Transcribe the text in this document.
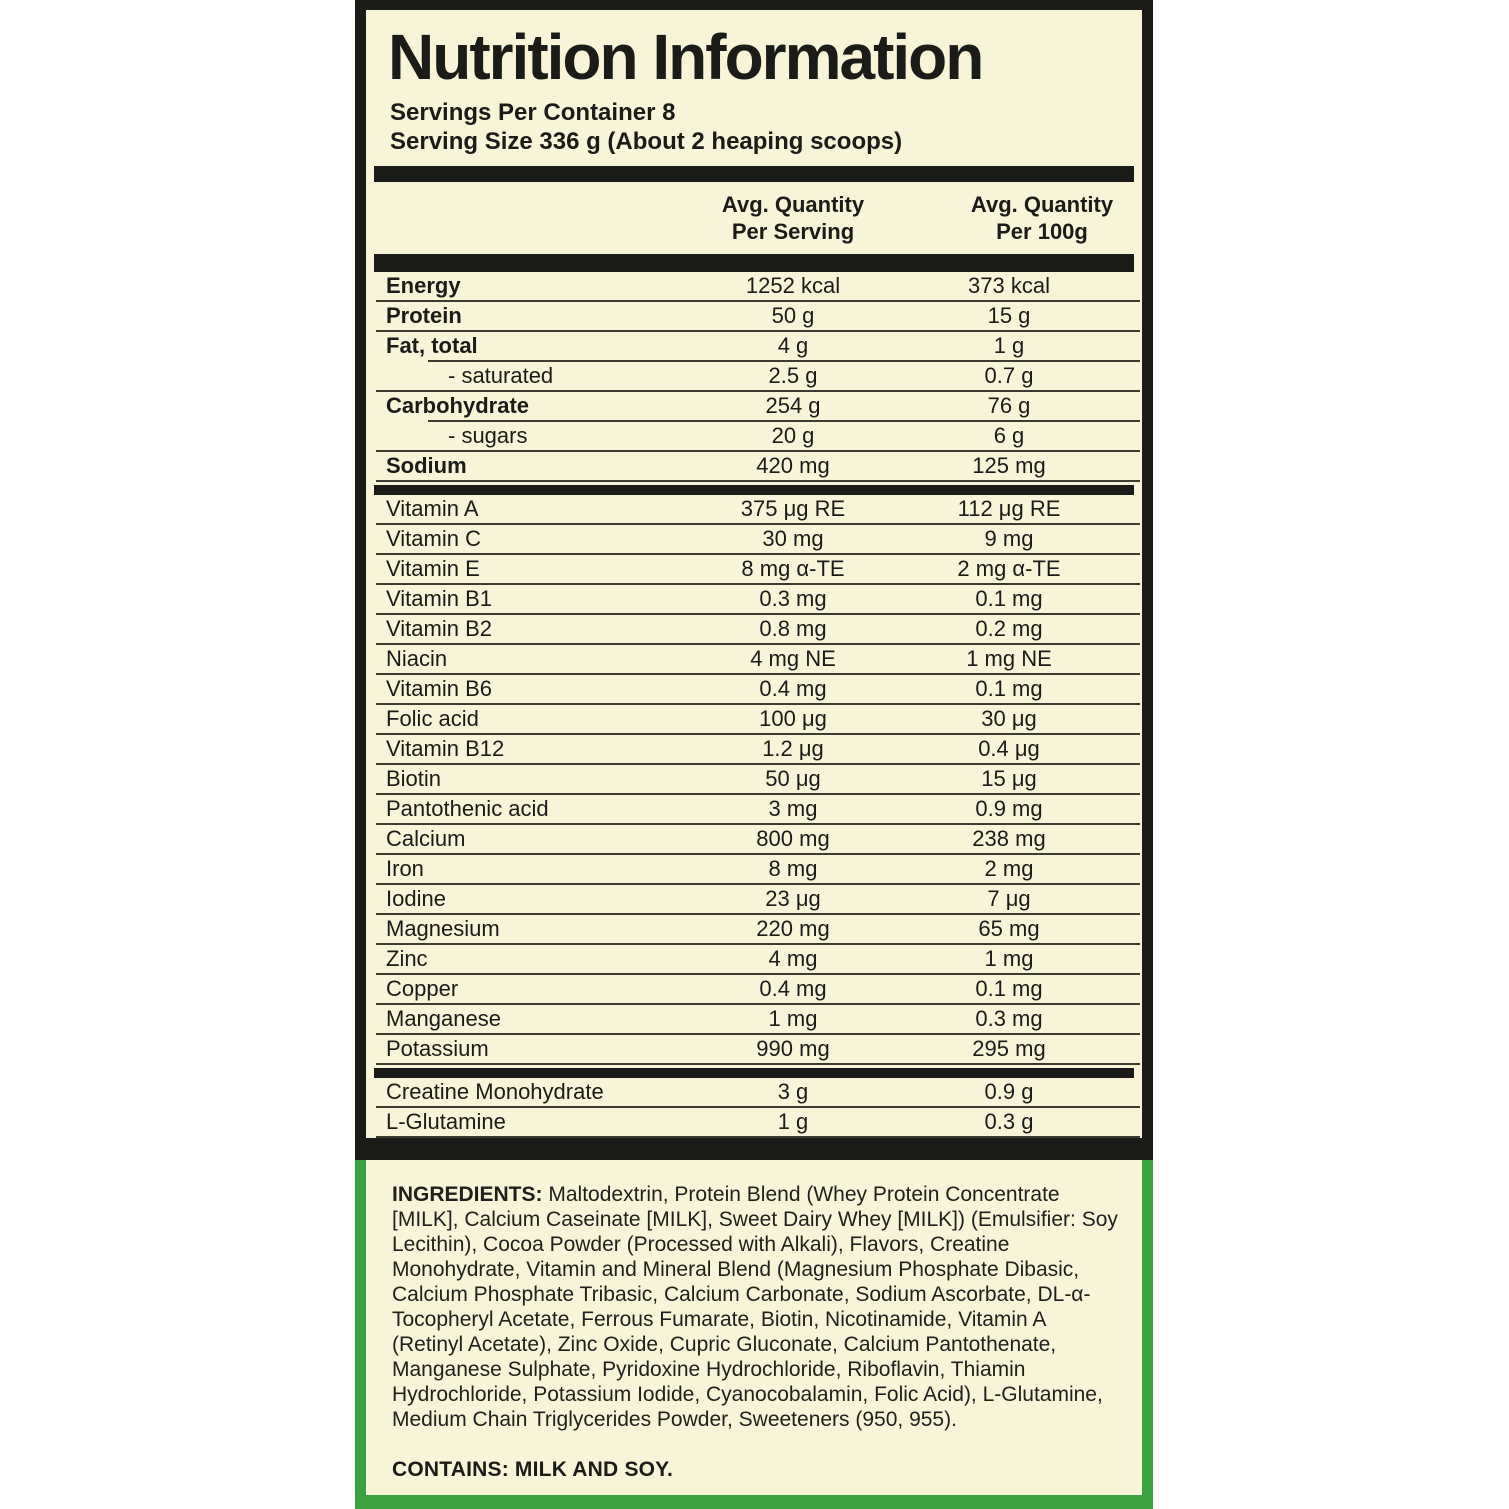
Nutrition Information
Servings Per Container 8
Serving Size 336 g (About 2 heaping scoops)
Avg. Quantity
Per Serving
Avg. Quantity
Per 100g
Energy	1252 kcal	373 kcal
Protein	50 g	15 g
Fat, total	4 g	1 g
- saturated	2.5 g	0.7 g
Carbohydrate	254 g	76 g
- sugars	20 g	6 g
Sodium	420 mg	125 mg
Vitamin A	375 μg RE	112 μg RE
Vitamin C	30 mg	9 mg
Vitamin E	8 mg α-TE	2 mg α-TE
Vitamin B1	0.3 mg	0.1 mg
Vitamin B2	0.8 mg	0.2 mg
Niacin	4 mg NE	1 mg NE
Vitamin B6	0.4 mg	0.1 mg
Folic acid	100 μg	30 μg
Vitamin B12	1.2 μg	0.4 μg
Biotin	50 μg	15 μg
Pantothenic acid	3 mg	0.9 mg
Calcium	800 mg	238 mg
Iron	8 mg	2 mg
Iodine	23 μg	7 μg
Magnesium	220 mg	65 mg
Zinc	4 mg	1 mg
Copper	0.4 mg	0.1 mg
Manganese	1 mg	0.3 mg
Potassium	990 mg	295 mg
Creatine Monohydrate	3 g	0.9 g
L-Glutamine	1 g	0.3 g

INGREDIENTS: Maltodextrin, Protein Blend (Whey Protein Concentrate [MILK], Calcium Caseinate [MILK], Sweet Dairy Whey [MILK]) (Emulsifier: Soy Lecithin), Cocoa Powder (Processed with Alkali), Flavors, Creatine Monohydrate, Vitamin and Mineral Blend (Magnesium Phosphate Dibasic, Calcium Phosphate Tribasic, Calcium Carbonate, Sodium Ascorbate, DL-α-Tocopheryl Acetate, Ferrous Fumarate, Biotin, Nicotinamide, Vitamin A (Retinyl Acetate), Zinc Oxide, Cupric Gluconate, Calcium Pantothenate, Manganese Sulphate, Pyridoxine Hydrochloride, Riboflavin, Thiamin Hydrochloride, Potassium Iodide, Cyanocobalamin, Folic Acid), L-Glutamine, Medium Chain Triglycerides Powder, Sweeteners (950, 955).

CONTAINS: MILK AND SOY.
